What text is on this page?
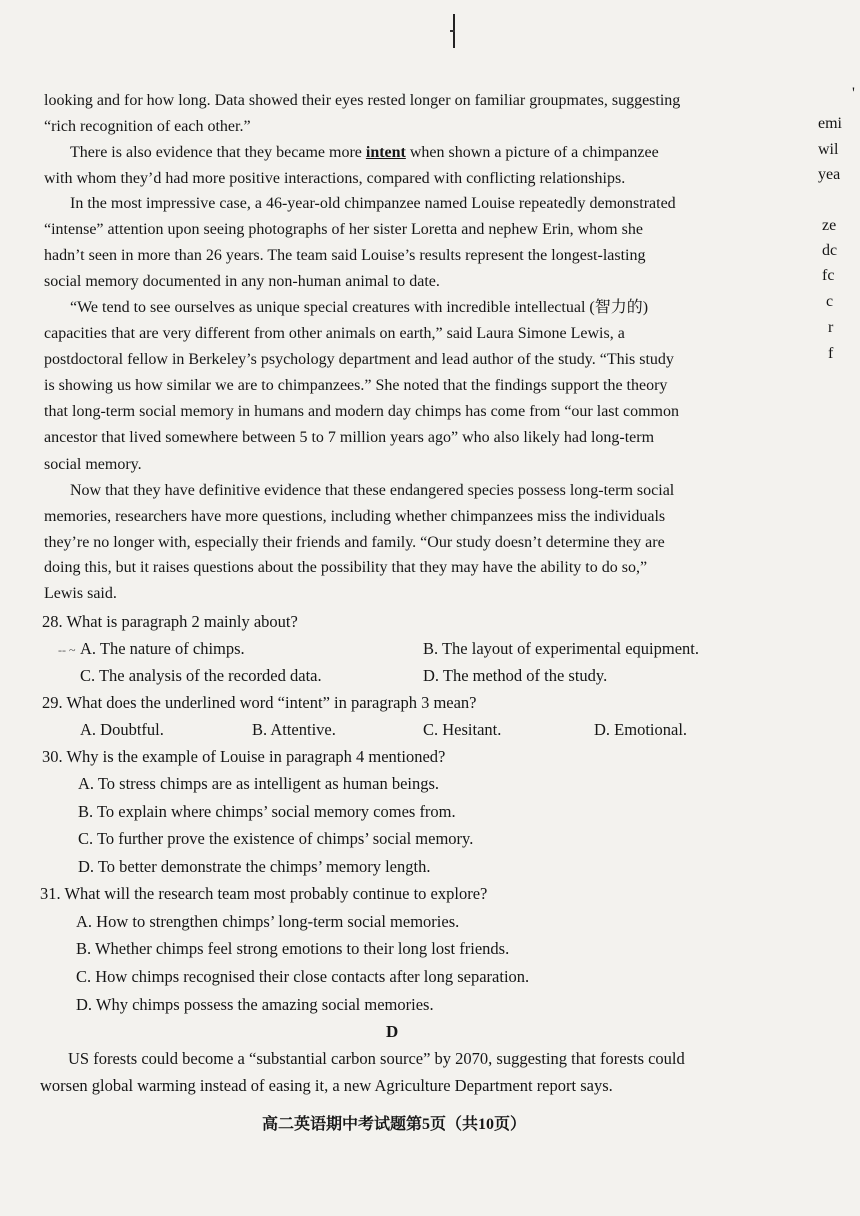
looking and for how long. Data showed their eyes rested longer on familiar groupmates, suggesting
“rich recognition of each other.”
There is also evidence that they became more intent when shown a picture of a chimpanzee
with whom they’d had more positive interactions, compared with conflicting relationships.
In the most impressive case, a 46-year-old chimpanzee named Louise repeatedly demonstrated
“intense” attention upon seeing photographs of her sister Loretta and nephew Erin, whom she
hadn’t seen in more than 26 years. The team said Louise’s results represent the longest-lasting
social memory documented in any non-human animal to date.
“We tend to see ourselves as unique special creatures with incredible intellectual (智力的)
capacities that are very different from other animals on earth,” said Laura Simone Lewis, a
postdoctoral fellow in Berkeley’s psychology department and lead author of the study. “This study
is showing us how similar we are to chimpanzees.” She noted that the findings support the theory
that long-term social memory in humans and modern day chimps has come from “our last common
ancestor that lived somewhere between 5 to 7 million years ago” who also likely had long-term
social memory.
Now that they have definitive evidence that these endangered species possess long-term social
memories, researchers have more questions, including whether chimpanzees miss the individuals
they’re no longer with, especially their friends and family. “Our study doesn’t determine they are
doing this, but it raises questions about the possibility that they may have the ability to do so,”
Lewis said.
28. What is paragraph 2 mainly about?
-- ~ A. The nature of chimps.	B. The layout of experimental equipment.
C. The analysis of the recorded data.	D. The method of the study.
29. What does the underlined word “intent” in paragraph 3 mean?
A. Doubtful.	B. Attentive.	C. Hesitant.	D. Emotional.
30. Why is the example of Louise in paragraph 4 mentioned?
A. To stress chimps are as intelligent as human beings.
B. To explain where chimps’ social memory comes from.
C. To further prove the existence of chimps’ social memory.
D. To better demonstrate the chimps’ memory length.
31. What will the research team most probably continue to explore?
A. How to strengthen chimps’ long-term social memories.
B. Whether chimps feel strong emotions to their long lost friends.
C. How chimps recognised their close contacts after long separation.
D. Why chimps possess the amazing social memories.
D
US forests could become a “substantial carbon source” by 2070, suggesting that forests could
worsen global warming instead of easing it, a new Agriculture Department report says.
高二英语期中考试题第5页（共10页）
'
emi
wil
yea
ze
dc
fc
c
r
f
